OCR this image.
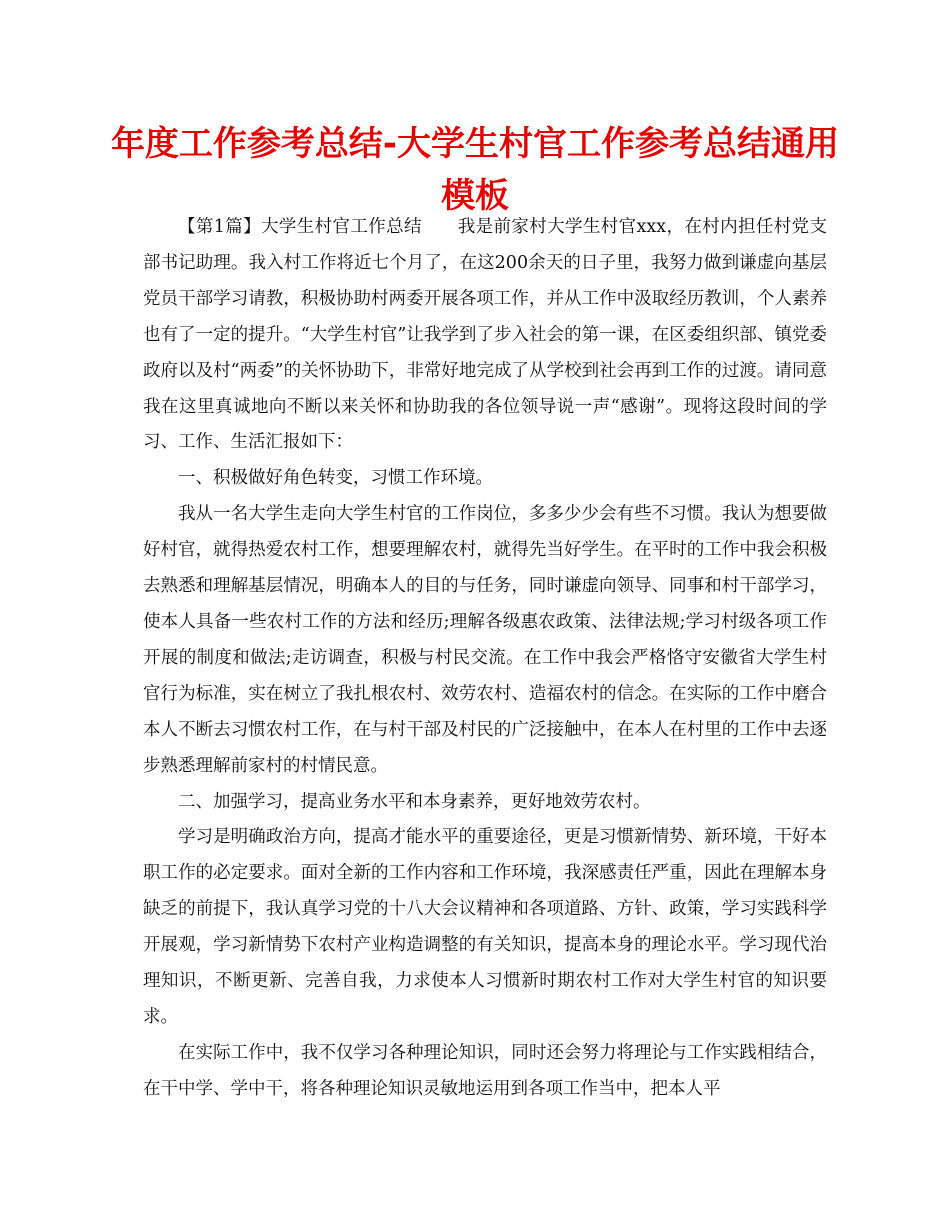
年度工作参考总结-大学生村官工作参考总结通用模板

【第1篇】大学生村官工作总结　　我是前家村大学生村官xxx，在村内担任村党支部书记助理。我入村工作将近七个月了，在这200余天的日子里，我努力做到谦虚向基层党员干部学习请教，积极协助村两委开展各项工作，并从工作中汲取经历教训，个人素养也有了一定的提升。“大学生村官”让我学到了步入社会的第一课，在区委组织部、镇党委政府以及村“两委”的关怀协助下，非常好地完成了从学校到社会再到工作的过渡。请同意我在这里真诚地向不断以来关怀和协助我的各位领导说一声“感谢”。现将这段时间的学习、工作、生活汇报如下：

一、积极做好角色转变，习惯工作环境。

我从一名大学生走向大学生村官的工作岗位，多多少少会有些不习惯。我认为想要做好村官，就得热爱农村工作，想要理解农村，就得先当好学生。在平时的工作中我会积极去熟悉和理解基层情况，明确本人的目的与任务，同时谦虚向领导、同事和村干部学习，使本人具备一些农村工作的方法和经历;理解各级惠农政策、法律法规;学习村级各项工作开展的制度和做法;走访调查，积极与村民交流。在工作中我会严格恪守安徽省大学生村官行为标准，实在树立了我扎根农村、效劳农村、造福农村的信念。在实际的工作中磨合本人不断去习惯农村工作，在与村干部及村民的广泛接触中，在本人在村里的工作中去逐步熟悉理解前家村的村情民意。

二、加强学习，提高业务水平和本身素养，更好地效劳农村。

学习是明确政治方向，提高才能水平的重要途径，更是习惯新情势、新环境，干好本职工作的必定要求。面对全新的工作内容和工作环境，我深感责任严重，因此在理解本身缺乏的前提下，我认真学习党的十八大会议精神和各项道路、方针、政策，学习实践科学开展观，学习新情势下农村产业构造调整的有关知识，提高本身的理论水平。学习现代治理知识，不断更新、完善自我，力求使本人习惯新时期农村工作对大学生村官的知识要求。

在实际工作中，我不仅学习各种理论知识，同时还会努力将理论与工作实践相结合，在干中学、学中干，将各种理论知识灵敏地运用到各项工作当中，把本人平
